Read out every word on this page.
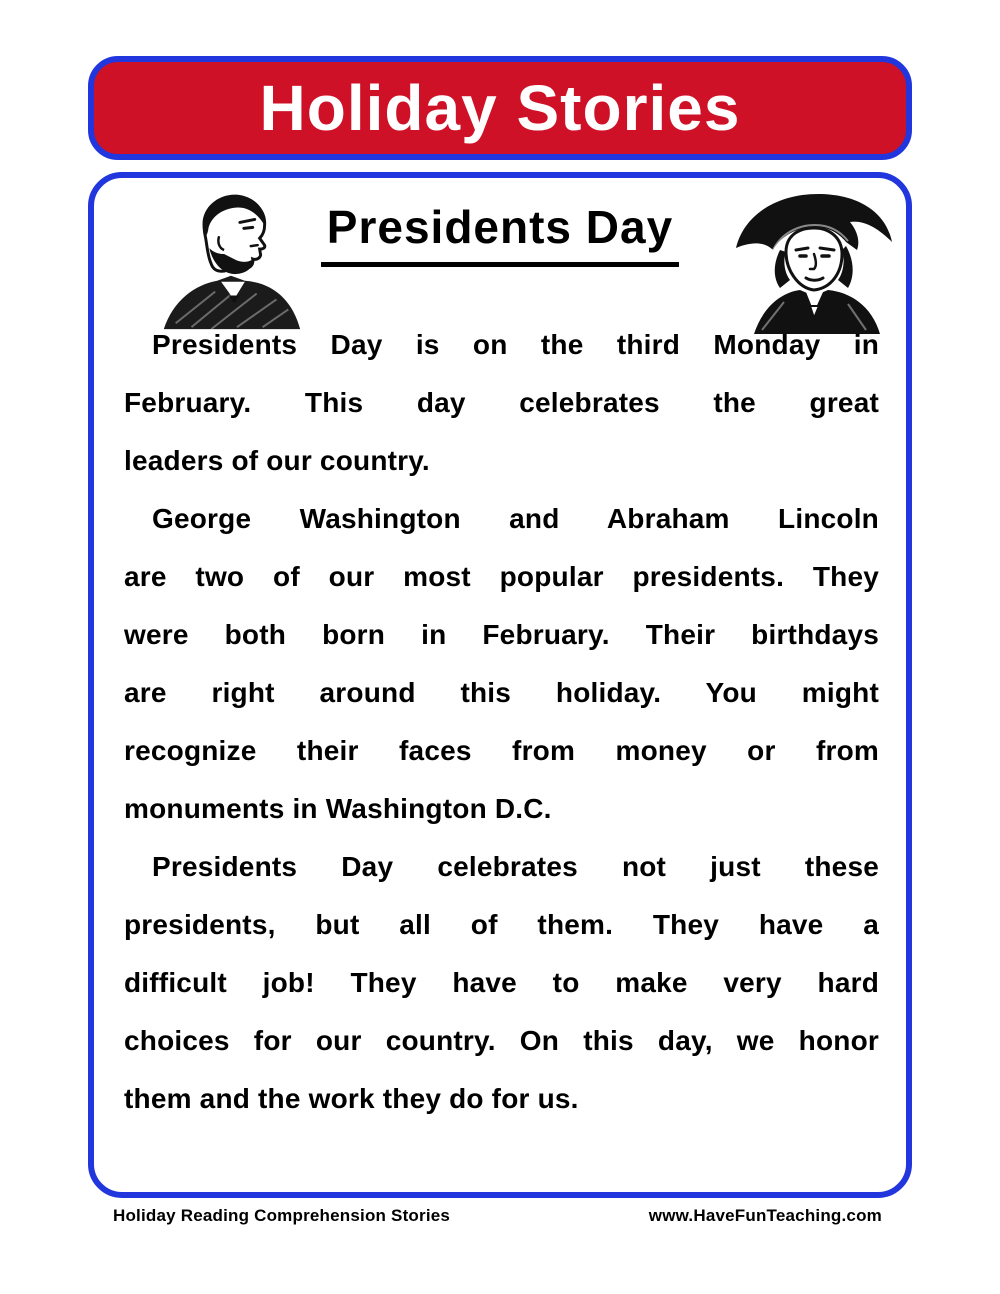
Holiday Stories
Presidents Day
Presidents Day is on the third Monday in
February. This day celebrates the great
leaders of our country.
George Washington and Abraham Lincoln
are two of our most popular presidents. They
were both born in February. Their birthdays
are right around this holiday. You might
recognize their faces from money or from
monuments in Washington D.C.
Presidents Day celebrates not just these
presidents, but all of them. They have a
difficult job! They have to make very hard
choices for our country. On this day, we honor
them and the work they do for us.
Holiday Reading Comprehension Stories	www.HaveFunTeaching.com
